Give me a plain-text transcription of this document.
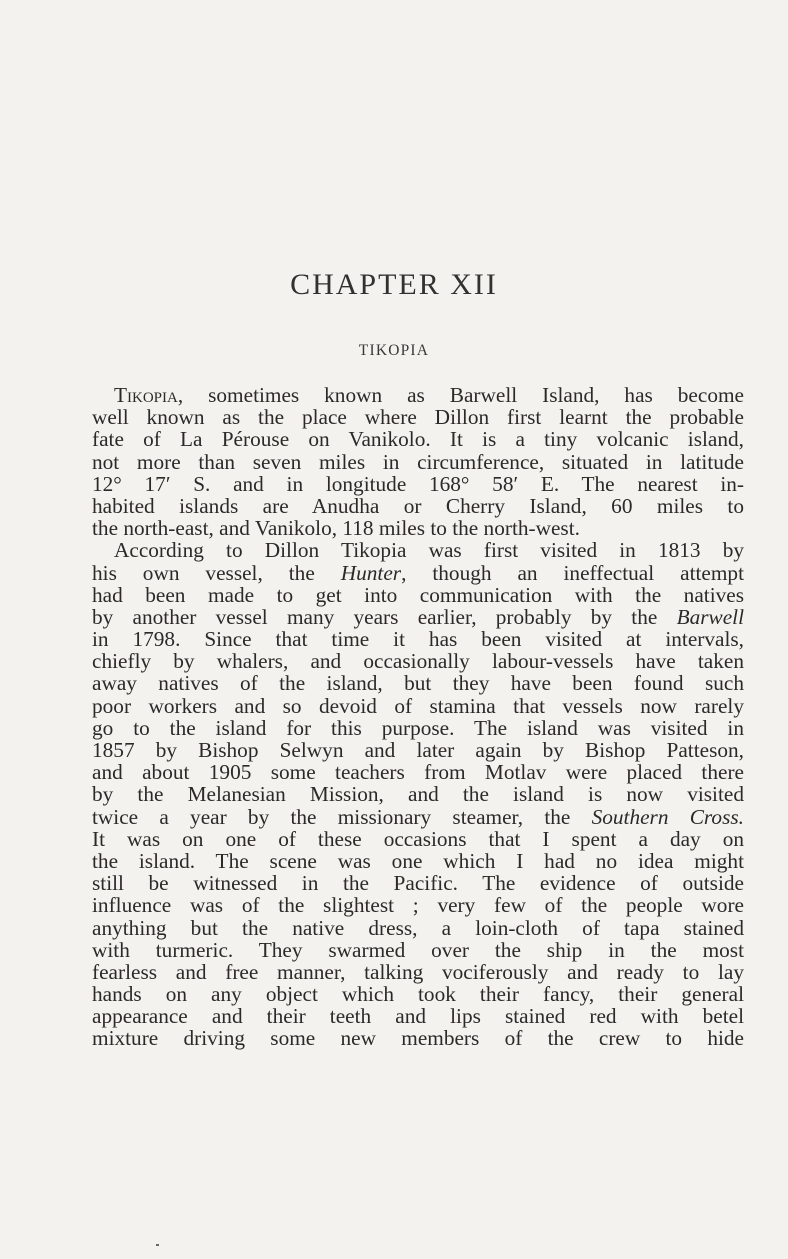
CHAPTER XII
TIKOPIA
Tikopia, sometimes known as Barwell Island, has become
well known as the place where Dillon first learnt the probable
fate of La Pérouse on Vanikolo. It is a tiny volcanic island,
not more than seven miles in circumference, situated in latitude
12° 17′ S. and in longitude 168° 58′ E. The nearest in-
habited islands are Anudha or Cherry Island, 60 miles to
the north-east, and Vanikolo, 118 miles to the north-west.
According to Dillon Tikopia was first visited in 1813 by
his own vessel, the Hunter, though an ineffectual attempt
had been made to get into communication with the natives
by another vessel many years earlier, probably by the Barwell
in 1798. Since that time it has been visited at intervals,
chiefly by whalers, and occasionally labour-vessels have taken
away natives of the island, but they have been found such
poor workers and so devoid of stamina that vessels now rarely
go to the island for this purpose. The island was visited in
1857 by Bishop Selwyn and later again by Bishop Patteson,
and about 1905 some teachers from Motlav were placed there
by the Melanesian Mission, and the island is now visited
twice a year by the missionary steamer, the Southern Cross.
It was on one of these occasions that I spent a day on
the island. The scene was one which I had no idea might
still be witnessed in the Pacific. The evidence of outside
influence was of the slightest ; very few of the people wore
anything but the native dress, a loin-cloth of tapa stained
with turmeric. They swarmed over the ship in the most
fearless and free manner, talking vociferously and ready to lay
hands on any object which took their fancy, their general
appearance and their teeth and lips stained red with betel
mixture driving some new members of the crew to hide
